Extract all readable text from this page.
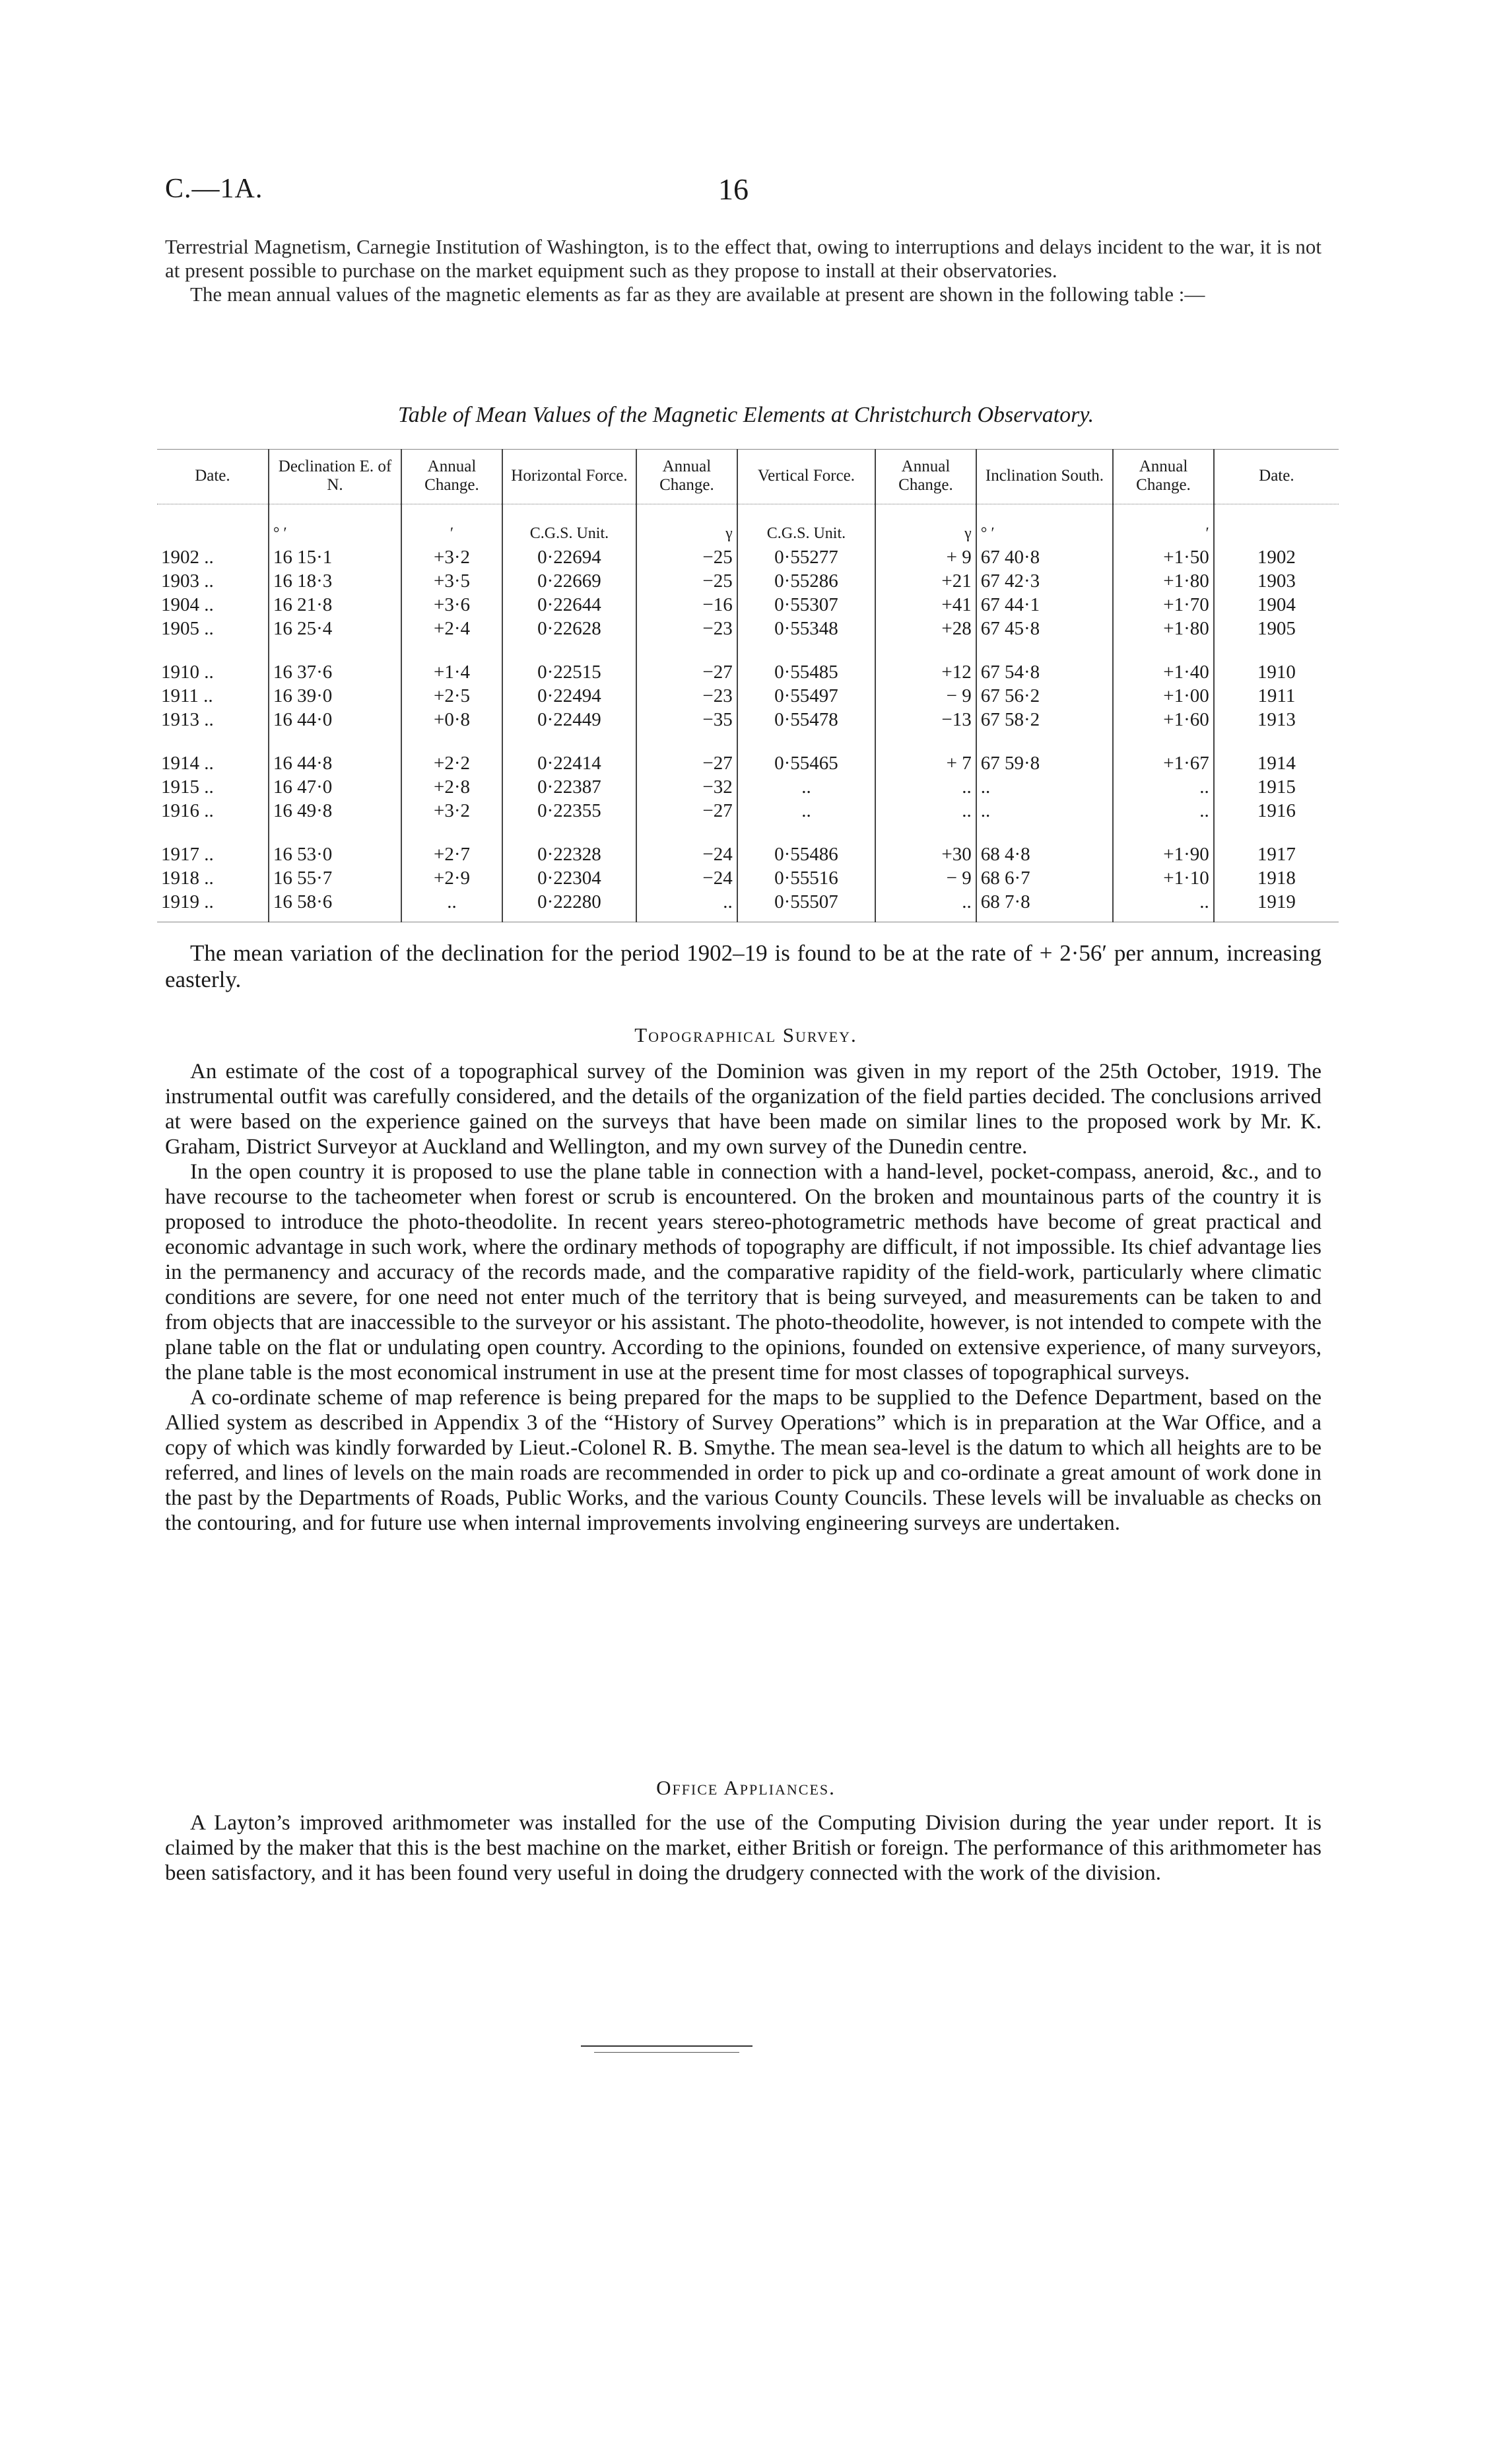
C.—1A.	16

Terrestrial Magnetism, Carnegie Institution of Washington, is to the effect that, owing to interruptions and delays incident to the war, it is not at present possible to purchase on the market equipment such as they propose to install at their observatories.

The mean annual values of the magnetic elements as far as they are available at present are shown in the following table :—

Table of Mean Values of the Magnetic Elements at Christchurch Observatory.
Date.	Declination E. of N.	Annual Change.	Horizontal Force.	Annual Change.	Vertical Force.	Annual Change.	Inclination South.	Annual Change.	Date.
	° ′	′	C.G.S. Unit.	γ	C.G.S. Unit.	γ	° ′	′	
1902 ..	16 15·1	+3·2	0·22694	−25	0·55277	+ 9	67 40·8	+1·50	1902
1903 ..	16 18·3	+3·5	0·22669	−25	0·55286	+21	67 42·3	+1·80	1903
1904 ..	16 21·8	+3·6	0·22644	−16	0·55307	+41	67 44·1	+1·70	1904
1905 ..	16 25·4	+2·4	0·22628	−23	0·55348	+28	67 45·8	+1·80	1905

1910 ..	16 37·6	+1·4	0·22515	−27	0·55485	+12	67 54·8	+1·40	1910
1911 ..	16 39·0	+2·5	0·22494	−23	0·55497	− 9	67 56·2	+1·00	1911
1913 ..	16 44·0	+0·8	0·22449	−35	0·55478	−13	67 58·2	+1·60	1913

1914 ..	16 44·8	+2·2	0·22414	−27	0·55465	+ 7	67 59·8	+1·67	1914
1915 ..	16 47·0	+2·8	0·22387	−32	..	..	..	..	1915
1916 ..	16 49·8	+3·2	0·22355	−27	..	..	..	..	1916

1917 ..	16 53·0	+2·7	0·22328	−24	0·55486	+30	68 4·8	+1·90	1917
1918 ..	16 55·7	+2·9	0·22304	−24	0·55516	− 9	68 6·7	+1·10	1918
1919 ..	16 58·6	..	0·22280	..	0·55507	..	68 7·8	..	1919

The mean variation of the declination for the period 1902–19 is found to be at the rate of + 2·56′ per annum, increasing easterly.

Topographical Survey.

An estimate of the cost of a topographical survey of the Dominion was given in my report of the 25th October, 1919. The instrumental outfit was carefully considered, and the details of the organization of the field parties decided. The conclusions arrived at were based on the experience gained on the surveys that have been made on similar lines to the proposed work by Mr. K. Graham, District Surveyor at Auckland and Wellington, and my own survey of the Dunedin centre.

In the open country it is proposed to use the plane table in connection with a hand-level, pocket-compass, aneroid, &c., and to have recourse to the tacheometer when forest or scrub is encountered. On the broken and mountainous parts of the country it is proposed to introduce the photo-theodolite. In recent years stereo-photogrametric methods have become of great practical and economic advantage in such work, where the ordinary methods of topography are difficult, if not impossible. Its chief advantage lies in the permanency and accuracy of the records made, and the comparative rapidity of the field-work, particularly where climatic conditions are severe, for one need not enter much of the territory that is being surveyed, and measurements can be taken to and from objects that are inaccessible to the surveyor or his assistant. The photo-theodolite, however, is not intended to compete with the plane table on the flat or undulating open country. According to the opinions, founded on extensive experience, of many surveyors, the plane table is the most economical instrument in use at the present time for most classes of topographical surveys.

A co-ordinate scheme of map reference is being prepared for the maps to be supplied to the Defence Department, based on the Allied system as described in Appendix 3 of the “History of Survey Operations” which is in preparation at the War Office, and a copy of which was kindly forwarded by Lieut.-Colonel R. B. Smythe. The mean sea-level is the datum to which all heights are to be referred, and lines of levels on the main roads are recommended in order to pick up and co-ordinate a great amount of work done in the past by the Departments of Roads, Public Works, and the various County Councils. These levels will be invaluable as checks on the contouring, and for future use when internal improvements involving engineering surveys are undertaken.

Office Appliances.

A Layton’s improved arithmometer was installed for the use of the Computing Division during the year under report. It is claimed by the maker that this is the best machine on the market, either British or foreign. The performance of this arithmometer has been satisfactory, and it has been found very useful in doing the drudgery connected with the work of the division.
